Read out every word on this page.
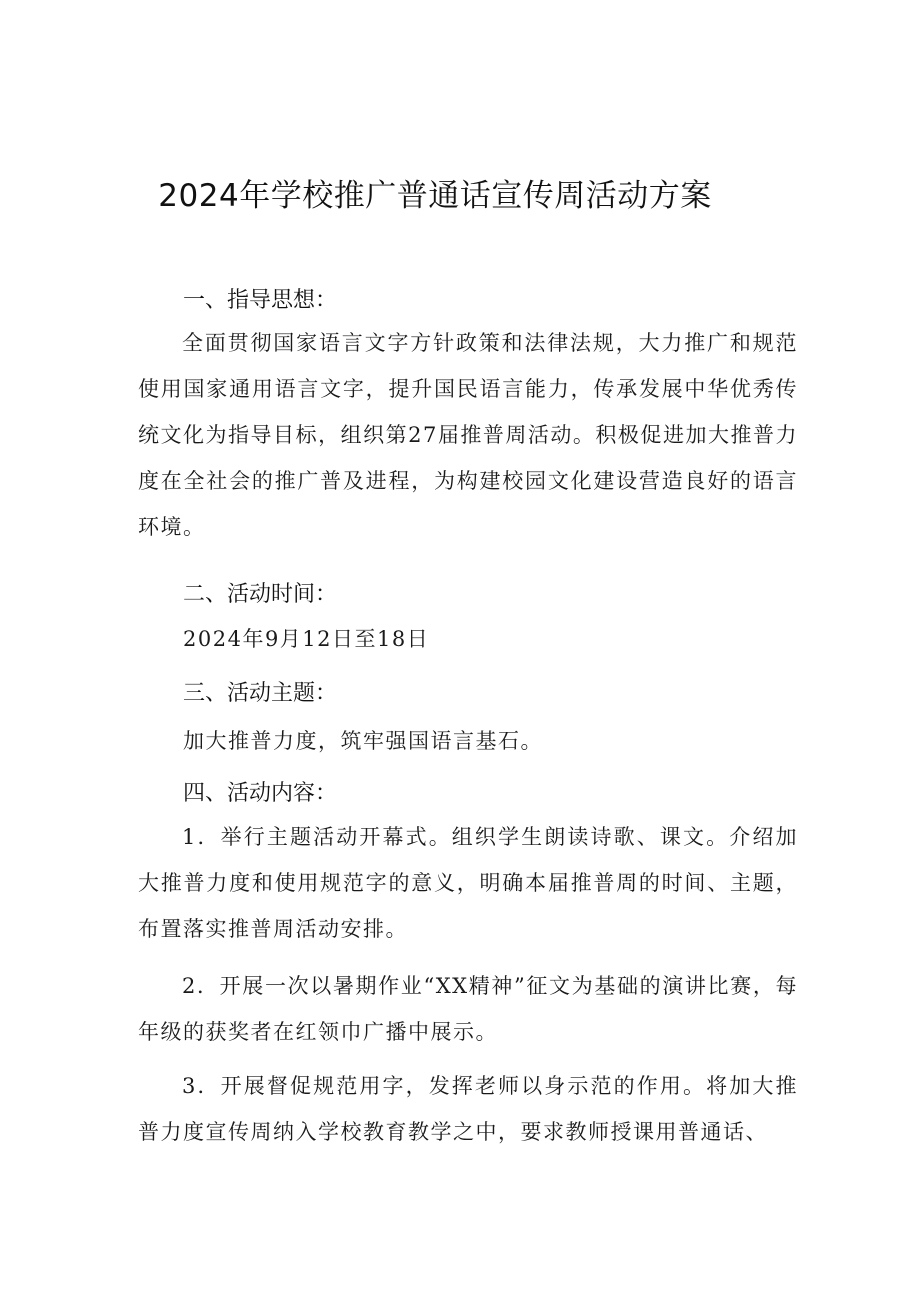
2024年学校推广普通话宣传周活动方案
一、指导思想：

全面贯彻国家语言文字方针政策和法律法规，大力推广和规范使用国家通用语言文字，提升国民语言能力，传承发展中华优秀传统文化为指导目标，组织第27届推普周活动。积极促进加大推普力度在全社会的推广普及进程，为构建校园文化建设营造良好的语言环境。

二、活动时间：

2024年9月12日至18日

三、活动主题：

加大推普力度，筑牢强国语言基石。

四、活动内容：

1．举行主题活动开幕式。组织学生朗读诗歌、课文。介绍加大推普力度和使用规范字的意义，明确本届推普周的时间、主题，布置落实推普周活动安排。

2．开展一次以暑期作业“XX精神”征文为基础的演讲比赛，每年级的获奖者在红领巾广播中展示。

3．开展督促规范用字，发挥老师以身示范的作用。将加大推普力度宣传周纳入学校教育教学之中，要求教师授课用普通话、
